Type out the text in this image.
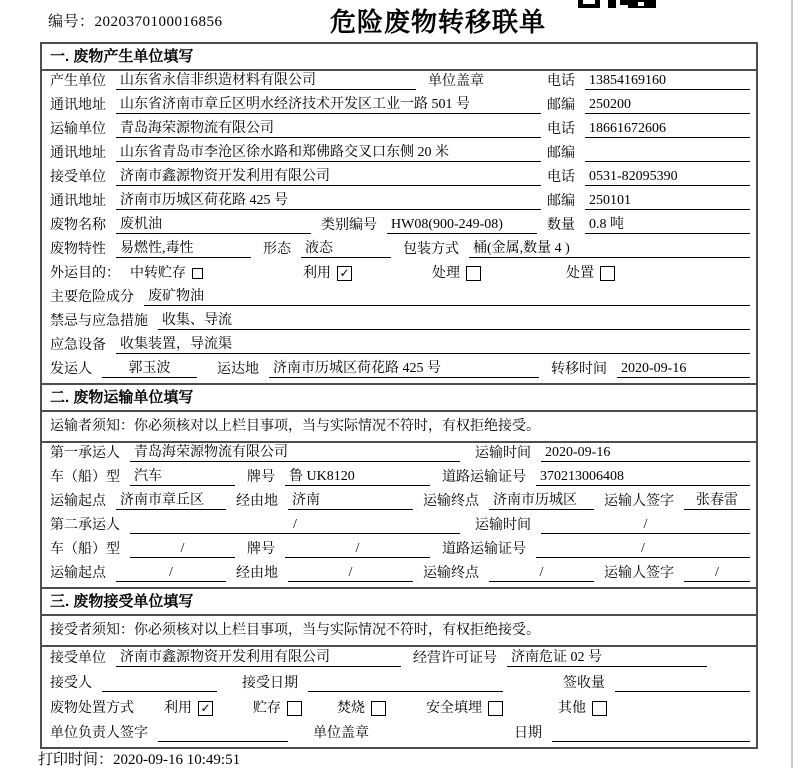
编号：2020370100016856	危险废物转移联单
一. 废物产生单位填写
产生单位 山东省永信非织造材料有限公司	单位盖章	电话 13854169160
通讯地址 山东省济南市章丘区明水经济技术开发区工业一路 501 号	邮编 250200
运输单位 青岛海荣源物流有限公司	电话 18661672606
通讯地址 山东省青岛市李沧区徐水路和郑佛路交叉口东侧 20 米	邮编
接受单位 济南市鑫源物资开发利用有限公司	电话 0531-82095390
通讯地址 济南市历城区荷花路 425 号	邮编 250101
废物名称 废机油	类别编号 HW08(900-249-08)	数量 0.8 吨
废物特性 易燃性,毒性	形态 液态	包装方式 桶(金属,数量 4 )
外运目的： 中转贮存	利用 ✓	处理	处置
主要危险成分 废矿物油
禁忌与应急措施 收集、导流
应急设备 收集装置，导流渠
发运人	郭玉波	运达地 济南市历城区荷花路 425 号	转移时间 2020-09-16
二. 废物运输单位填写
运输者须知：你必须核对以上栏目事项，当与实际情况不符时，有权拒绝接受。
第一承运人 青岛海荣源物流有限公司	运输时间 2020-09-16
车（船）型 汽车	牌号 鲁 UK8120	道路运输证号 370213006408
运输起点 济南市章丘区	经由地 济南	运输终点 济南市历城区	运输人签字	张春雷
第二承运人	/	运输时间	/
车（船）型	/	牌号	/	道路运输证号	/
运输起点	/	经由地	/	运输终点	/	运输人签字	/
三. 废物接受单位填写
接受者须知：你必须核对以上栏目事项，当与实际情况不符时，有权拒绝接受。
接受单位 济南市鑫源物资开发利用有限公司	经营许可证号 济南危证 02 号
接受人	接受日期	签收量
废物处置方式 利用 ✓	贮存	焚烧	安全填埋	其他
单位负责人签字	单位盖章	日期
打印时间：2020-09-16 10:49:51
